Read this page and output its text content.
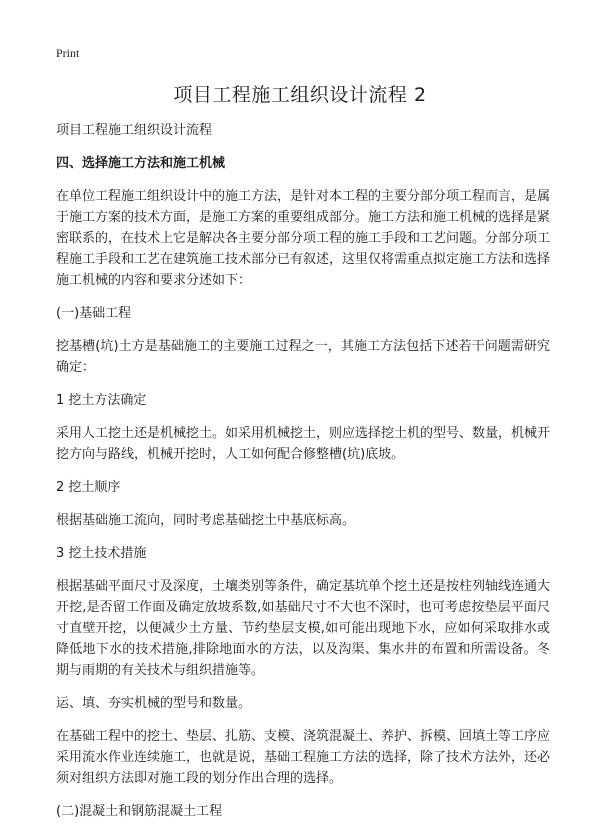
Print
项目工程施工组织设计流程 2

项目工程施工组织设计流程

四、选择施工方法和施工机械

在单位工程施工组织设计中的施工方法，是针对本工程的主要分部分项工程而言，是属于施工方案的技术方面，是施工方案的重要组成部分。施工方法和施工机械的选择是紧密联系的，在技术上它是解决各主要分部分项工程的施工手段和工艺问题。分部分项工程施工手段和工艺在建筑施工技术部分已有叙述，这里仅将需重点拟定施工方法和选择施工机械的内容和要求分述如下：

(一)基础工程

挖基槽(坑)土方是基础施工的主要施工过程之一，其施工方法包括下述若干问题需研究确定：

1 挖土方法确定

采用人工挖土还是机械挖土。如采用机械挖土，则应选择挖土机的型号、数量，机械开挖方向与路线，机械开挖时，人工如何配合修整槽(坑)底坡。

2 挖土顺序

根据基础施工流向，同时考虑基础挖土中基底标高。

3 挖土技术措施

根据基础平面尺寸及深度，土壤类别等条件，确定基坑单个挖土还是按柱列轴线连通大开挖,是否留工作面及确定放坡系数,如基础尺寸不大也不深时，也可考虑按垫层平面尺寸直壁开挖，以便减少土方量、节约垫层支模,如可能出现地下水，应如何采取排水或降低地下水的技术措施,排除地面水的方法，以及沟渠、集水井的布置和所需设备。冬期与雨期的有关技术与组织措施等。

运、填、夯实机械的型号和数量。

在基础工程中的挖土、垫层、扎筋、支模、浇筑混凝土、养护、拆模、回填土等工序应采用流水作业连续施工，也就是说，基础工程施工方法的选择，除了技术方法外，还必须对组织方法即对施工段的划分作出合理的选择。

(二)混凝土和钢筋混凝土工程
